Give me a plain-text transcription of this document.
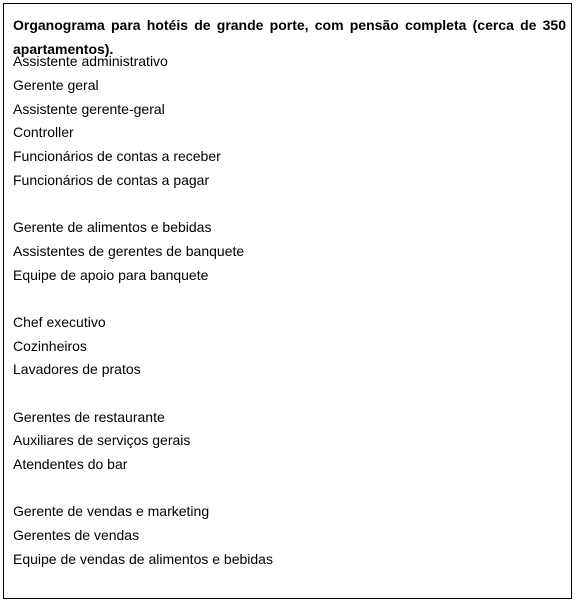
Organograma para hotéis de grande porte, com pensão completa (cerca de 350 apartamentos).
Assistente administrativo
Gerente geral
Assistente gerente-geral
Controller
Funcionários de contas a receber
Funcionários de contas a pagar
Gerente de alimentos e bebidas
Assistentes de gerentes de banquete
Equipe de apoio para banquete
Chef executivo
Cozinheiros
Lavadores de pratos
Gerentes de restaurante
Auxiliares de serviços gerais
Atendentes do bar
Gerente de vendas e marketing
Gerentes de vendas
Equipe de vendas de alimentos e bebidas
